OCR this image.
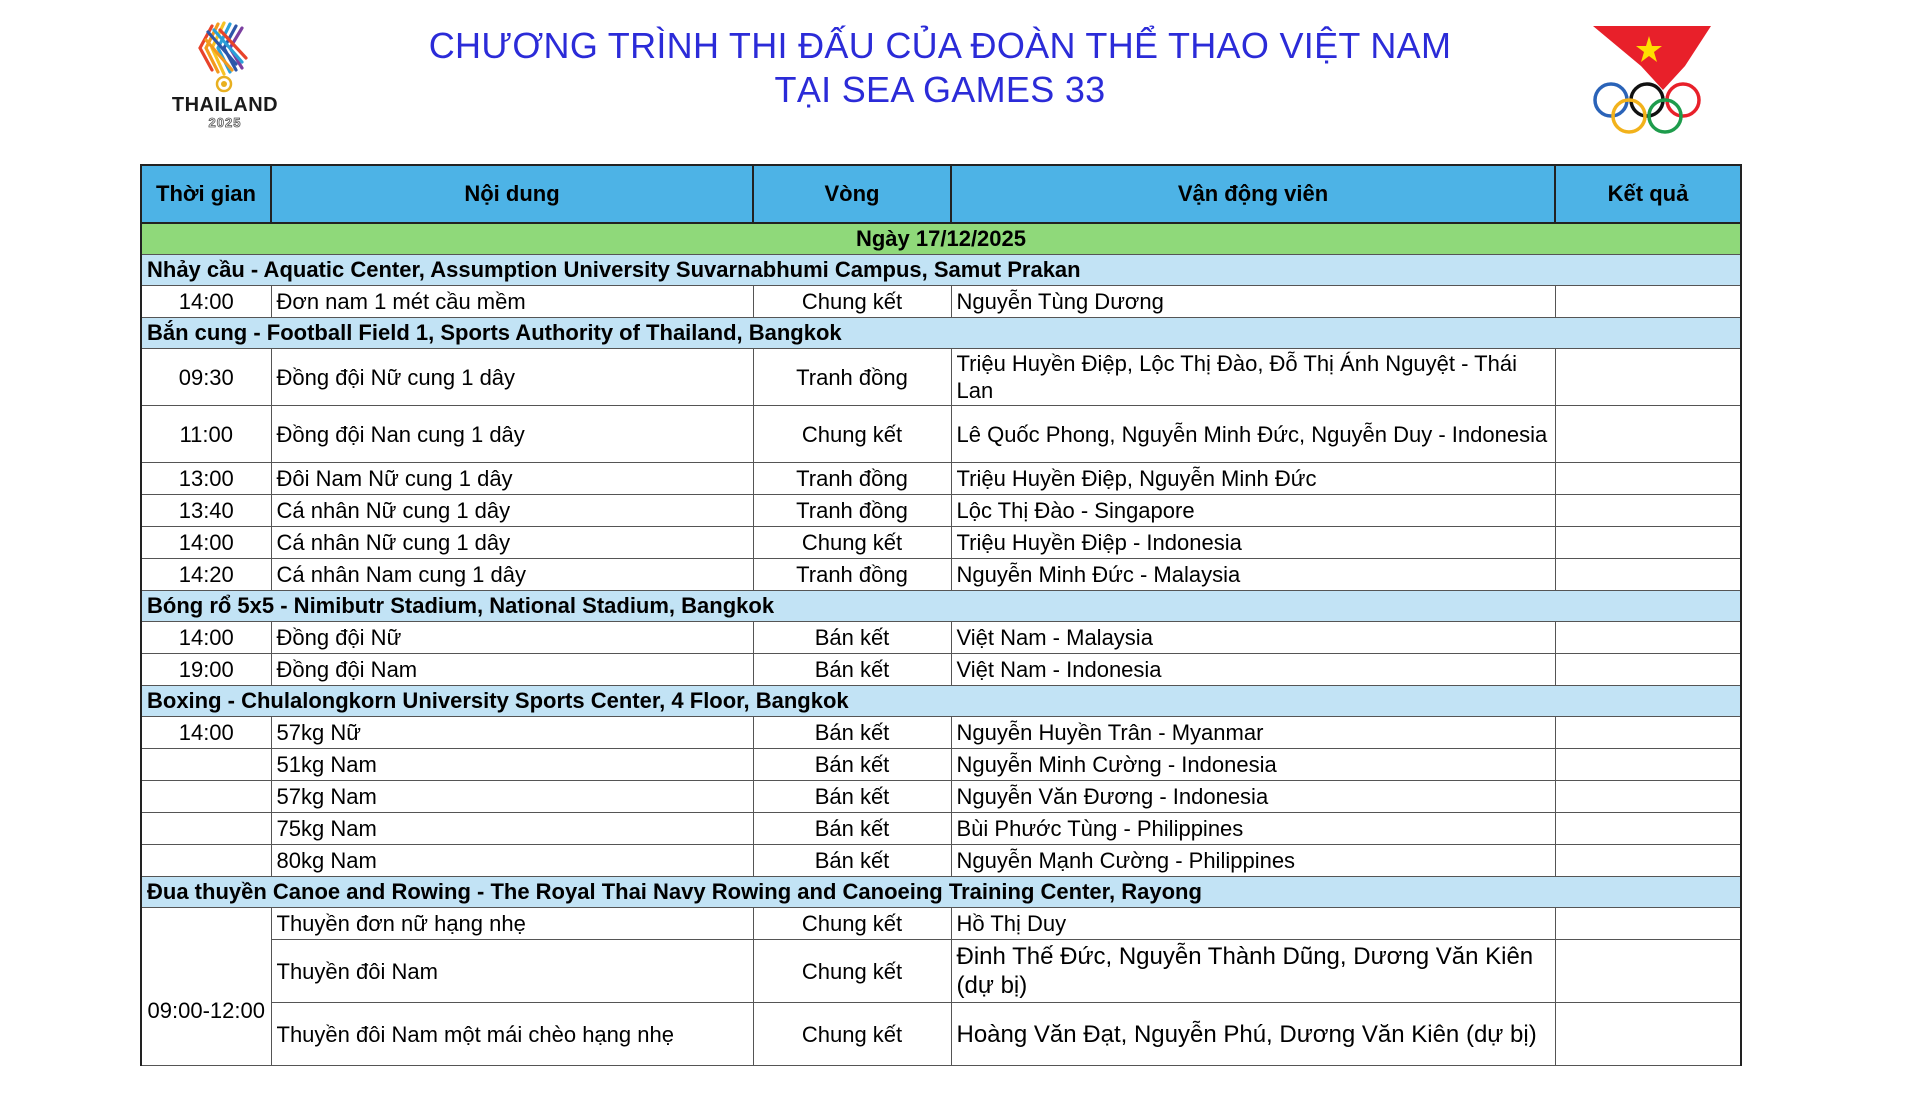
THAILAND
2025
CHƯƠNG TRÌNH THI ĐẤU CỦA ĐOÀN THỂ THAO VIỆT NAM
TẠI SEA GAMES 33
Thời gian	Nội dung	Vòng	Vận động viên	Kết quả
Ngày 17/12/2025				
Nhảy cầu - Aquatic Center, Assumption University Suvarnabhumi Campus, Samut Prakan				
14:00	Đơn nam 1 mét cầu mềm	Chung kết	Nguyễn Tùng Dương	
Bắn cung - Football Field 1, Sports Authority of Thailand, Bangkok				
09:30	Đồng đội Nữ cung 1 dây	Tranh đồng	Triệu Huyền Điệp, Lộc Thị Đào, Đỗ Thị Ánh Nguyệt - Thái Lan	
11:00	Đồng đội Nan cung 1 dây	Chung kết	Lê Quốc Phong, Nguyễn Minh Đức, Nguyễn Duy - Indonesia	
13:00	Đôi Nam Nữ cung 1 dây	Tranh đồng	Triệu Huyền Điệp, Nguyễn Minh Đức	
13:40	Cá nhân Nữ cung 1 dây	Tranh đồng	Lộc Thị Đào - Singapore	
14:00	Cá nhân Nữ cung 1 dây	Chung kết	Triệu Huyền Điệp - Indonesia	
14:20	Cá nhân Nam cung 1 dây	Tranh đồng	Nguyễn Minh Đức - Malaysia	
Bóng rổ 5x5 - Nimibutr Stadium, National Stadium, Bangkok				
14:00	Đồng đội Nữ	Bán kết	Việt Nam - Malaysia	
19:00	Đồng đội Nam	Bán kết	Việt Nam - Indonesia	
Boxing - Chulalongkorn University Sports Center, 4 Floor, Bangkok				
14:00	57kg Nữ	Bán kết	Nguyễn Huyền Trân - Myanmar	
	51kg Nam	Bán kết	Nguyễn Minh Cường - Indonesia	
	57kg Nam	Bán kết	Nguyễn Văn Đương - Indonesia	
	75kg Nam	Bán kết	Bùi Phước Tùng - Philippines	
	80kg Nam	Bán kết	Nguyễn Mạnh Cường - Philippines	
Đua thuyền Canoe and Rowing - The Royal Thai Navy Rowing and Canoeing Training Center, Rayong				
09:00-12:00	Thuyền đơn nữ hạng nhẹ	Chung kết	Hồ Thị Duy	
	Thuyền đôi Nam	Chung kết	Đinh Thế Đức, Nguyễn Thành Dũng, Dương Văn Kiên (dự bị)	
	Thuyền đôi Nam một mái chèo hạng nhẹ	Chung kết	Hoàng Văn Đạt, Nguyễn Phú, Dương Văn Kiên (dự bị)	
